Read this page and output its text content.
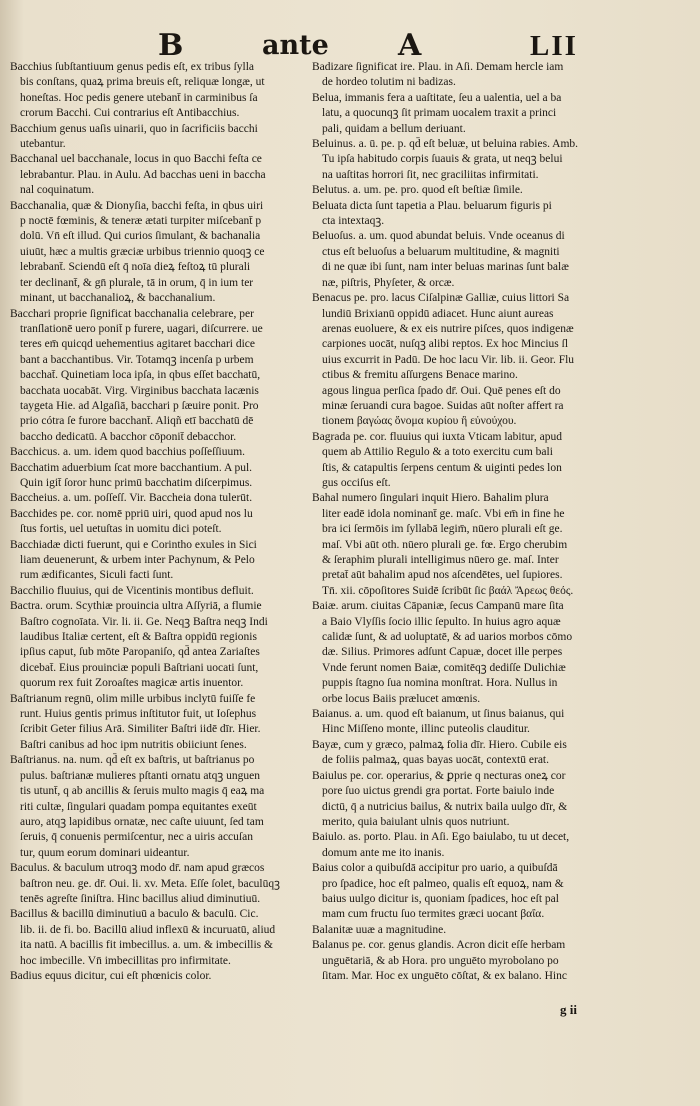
B	ante A	LII
Bacchius ſubſtantiuum genus pedis eſt, ex tribus ſylla
bis conſtans, quaꝝ prima breuis eſt, reliquæ longæ, ut
honeſtas. Hoc pedis genere utebant̄ in carminibus ſa
crorum Bacchi. Cui contrarius eſt Antibacchius.
Bacchium genus uaſis uinarii, quo in ſacrificiis bacchi
utebantur.
Bacchanal uel bacchanale, locus in quo Bacchi feſta ce
lebrabantur. Plau. in Aulu. Ad bacchas ueni in baccha
nal coquinatum.
Bacchanalia, quæ & Dionyſia, bacchi feſta, in qbus uiri
p noctē fœminis, & teneræ ætati turpiter miſcebant̄ p
dolū. Vn̄ eſt illud. Qui curios ſimulant, & bachanalia
uiuūt, hæc a multis græciæ urbibus triennio quoqꝫ ce
lebrabant̄. Sciendū eſt q̄ noīa dieꝝ feſtoꝝ tū plurali
ter declinant̄, & gn̄ plurale, tā in orum, q̄ in ium ter
minant, ut bacchanalioꝝ, & bacchanalium.
Bacchari proprie ſignificat bacchanalia celebrare, per
tranſlationē uero ponit̄ p furere, uagari, diſcurrere. ue
teres em̄ quicqd uehementius agitaret bacchari dice
bant a bacchantibus. Vir. Totamqꝫ incenſa p urbem
bacchat̄. Quinetiam loca ipſa, in qbus eſſet bacchatū,
bacchata uocabāt. Virg. Virginibus bacchata lacænis
taygeta Hie. ad Algaſiā, bacchari p ſæuire ponit. Pro
prio cótra ſe furore bacchant̄. Aliqñ etī bacchatū dē
baccho dedicatū. A bacchor cōponit̄ debacchor.
Bacchicus. a. um. idem quod bacchius poſſeſſiuum.
Bacchatim aduerbium ſcat more bacchantium. A pul.
Quin igit̄ ſoror hunc primū bacchatim diſcerpimus.
Baccheius. a. um. poſſeſſ. Vir. Baccheia dona tulerūt.
Bacchides pe. cor. nomē ppriū uiri, quod apud nos lu
ſtus fortis, uel uetuſtas in uomitu dici poteſt.
Bacchiadæ dicti fuerunt, qui e Corintho exules in Sici
liam deuenerunt, & urbem inter Pachynum, & Pelo
rum ædificantes, Siculi facti ſunt.
Bacchilio fluuius, qui de Vicentinis montibus defluit.
Bactra. orum. Scythiæ prouincia ultra Aſſyriā, a flumie
Baſtro cognoīata. Vir. li. ii. Ge. Neqꝫ Baſtra neqꝫ Indi
laudibus Italiæ certent, eſt & Baſtra oppidū regionis
ipſius caput, ſub mōte Paropaniſo, qd̄ antea Zariaſtes
dicebat̄. Eius prouinciæ populi Baſtriani uocati ſunt,
quorum rex fuit Zoroaſtes magicæ artis inuentor.
Baſtrianum regnū, olim mille urbibus inclytū fuiſſe fe
runt. Huius gentis primus inſtitutor fuit, ut Ioſephus
ſcribit Geter filius Arā. Similiter Baſtri iidē dīr. Hier.
Baſtri canibus ad hoc ipm nutritis obiiciunt ſenes.
Baſtrianus. na. num. qd̄ eſt ex baſtris, ut baſtrianus po
pulus. baſtrianæ mulieres pſtanti ornatu atqꝫ unguen
tis utunt̄, q ab ancillis & ſeruis multo magis q̄ eaꝝ ma
riti cultæ, ſingulari quadam pompa equitantes exeūt
auro, atqꝫ lapidibus ornatæ, nec caſte uiuunt, ſed tam
ſeruis, q̄ conuenis permiſcentur, nec a uiris accuſan
tur, quum eorum dominari uideantur.
Baculus. & baculum utroqꝫ modo dr̄. nam apud græcos
baſtron neu. ge. dr̄. Oui. li. xv. Meta. Eſſe ſolet, baculūqꝫ
tenēs agreſte ſiniſtra. Hinc bacillus aliud diminutiuū.
Bacillus & bacillū diminutiuū a baculo & baculū. Cic.
lib. ii. de fi. bo. Bacillū aliud inflexū & incuruatū, aliud
ita natū. A bacillis fit imbecillus. a. um. & imbecillis &
hoc imbecille. Vn̄ imbecillitas pro infirmitate.
Badius equus dicitur, cui eſt phœnicis color.
Badizare ſignificat ire. Plau. in Aſi. Demam hercle iam
de hordeo tolutim ni badizas.
Belua, immanis fera a uaſtitate, ſeu a ualentia, uel a ba
latu, a quocunqꝫ ſit primam uocalem traxit a princi
pali, quidam a bellum deriuant.
Beluinus. a. ū. pe. p. qd̄ eſt beluæ, ut beluina rabies. Amb.
Tu ipſa habitudo corpis ſuauis & grata, ut neqꝫ belui
na uaſtitas horrori ſit, nec graciliitas infirmitati.
Belutus. a. um. pe. pro. quod eſt beſtiæ ſimile.
Beluata dicta ſunt tapetia a Plau. beluarum figuris pi
cta intextaqꝫ.
Beluoſus. a. um. quod abundat beluis. Vnde oceanus di
ctus eſt beluoſus a beluarum multitudine, & magniti
di ne quæ ibi ſunt, nam inter beluas marinas ſunt balæ
næ, piſtris, Phyſeter, & orcæ.
Benacus pe. pro. lacus Ciſalpinæ Galliæ, cuius littori Sa
lundiū Brixianū oppidū adiacet. Hunc aiunt aureas
arenas euoluere, & ex eis nutrire piſces, quos indigenæ
carpiones uocāt, nuſqꝫ alibi reptos. Ex hoc Mincius ſl
uius excurrit in Padū. De hoc lacu Vir. lib. ii. Geor. Flu
ctibus & fremitu aſſurgens Benace marino.
agous lingua perſica ſpado dr̄. Oui. Quē penes eſt do
minæ ſeruandi cura bagoe. Suidas aūt noſter affert ra
tionem βαγώας ὄνομα κυρίου ἢ εὐνούχου.
Bagrada pe. cor. fluuius qui iuxta Vticam labitur, apud
quem ab Attilio Regulo & a toto exercitu cum bali
ſtis, & catapultis ſerpens centum & uiginti pedes lon
gus occiſus eſt.
Bahal numero ſingulari inquit Hiero. Bahalim plura
liter eadē idola nominant̄ ge. maſc. Vbi em̄ in fine he
bra ici ſermōis im ſyllabā legim̄, nūero plurali eſt ge.
maſ. Vbi aūt oth. nūero plurali ge. fœ. Ergo cherubim
& ſeraphim plurali intelligimus nūero ge. maſ. Inter
pretat̄ aūt bahalim apud nos aſcendētes, uel ſupiores.
Tn̄. xii. cōpoſitores Suidē ſcribūt ſic βαάλ Ἄρεως θεός.
Baiæ. arum. ciuitas Cāpaniæ, ſecus Campanū mare ſita
a Baio Vlyſſis ſocio illic ſepulto. In huius agro aquæ
calidæ ſunt, & ad uoluptatē, & ad uarios morbos cōmo
dæ. Silius. Primores adſunt Capuæ, docet ille perpes
Vnde ferunt nomen Baiæ, comitēqꝫ dediſſe Dulichiæ
puppis ſtagno ſua nomina monſtrat. Hora. Nullus in
orbe locus Baiis prælucet amœnis.
Baianus. a. um. quod eſt baianum, ut ſinus baianus, qui
Hinc Miſſeno monte, illinc puteolis clauditur.
Bayæ, cum y græco, palmaꝝ folia dīr. Hiero. Cubile eis
de foliis palmaꝝ, quas bayas uocāt, contextū erat.
Baiulus pe. cor. operarius, & ꝑprie q necturas oneꝝ cor
pore ſuo uictus grendi gra portat. Forte baiulo inde
dictū, q̄ a nutricius bailus, & nutrix baila uulgo dīr, &
merito, quia baiulant ulnis quos nutriunt.
Baiulo. as. porto. Plau. in Aſi. Ego baiulabo, tu ut decet,
domum ante me ito inanis.
Baius color a quibuſdā accipitur pro uario, a quibuſdā
pro ſpadice, hoc eſt palmeo, qualis eſt equoꝝ, nam &
baius uulgo dicitur is, quoniam ſpadices, hoc eſt pal
mam cum fructu ſuo termites græci uocant βαΐα.
Balanitæ uuæ a magnitudine.
Balanus pe. cor. genus glandis. Acron dicit eſſe herbam
unguētariā, & ab Hora. pro unguēto myrobolano po
ſitam. Mar. Hoc ex unguēto cōſtat, & ex balano. Hinc
g ii
